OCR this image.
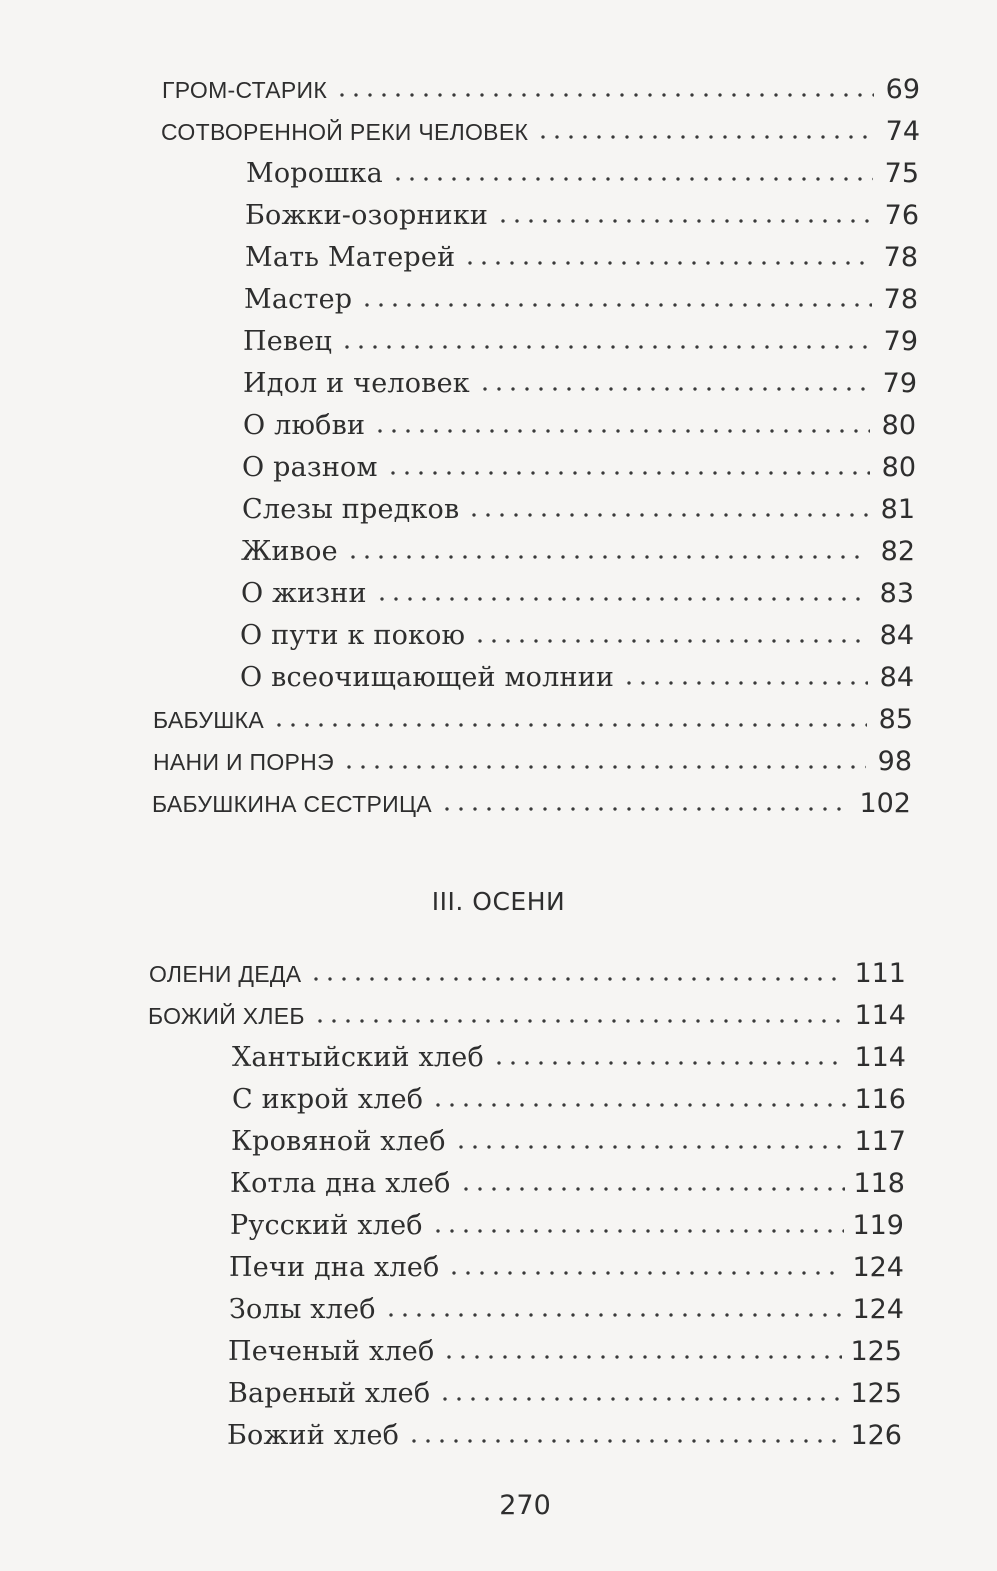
ГРОМ-СТАРИК	69
СОТВОРЕННОЙ РЕКИ ЧЕЛОВЕК	74
Морошка	75
Божки-озорники	76
Мать Матерей	78
Мастер	78
Певец	79
Идол и человек	79
О любви	80
О разном	80
Слезы предков	81
Живое	82
О жизни	83
О пути к покою	84
О всеочищающей молнии	84
БАБУШКА	85
НАНИ И ПОРНЭ	98
БАБУШКИНА СЕСТРИЦА	102
III. ОСЕНИ
ОЛЕНИ ДЕДА	111
БОЖИЙ ХЛЕБ	114
Хантыйский хлеб	114
С икрой хлеб	116
Кровяной хлеб	117
Котла дна хлеб	118
Русский хлеб	119
Печи дна хлеб	124
Золы хлеб	124
Печеный хлеб	125
Вареный хлеб	125
Божий хлеб	126
270
